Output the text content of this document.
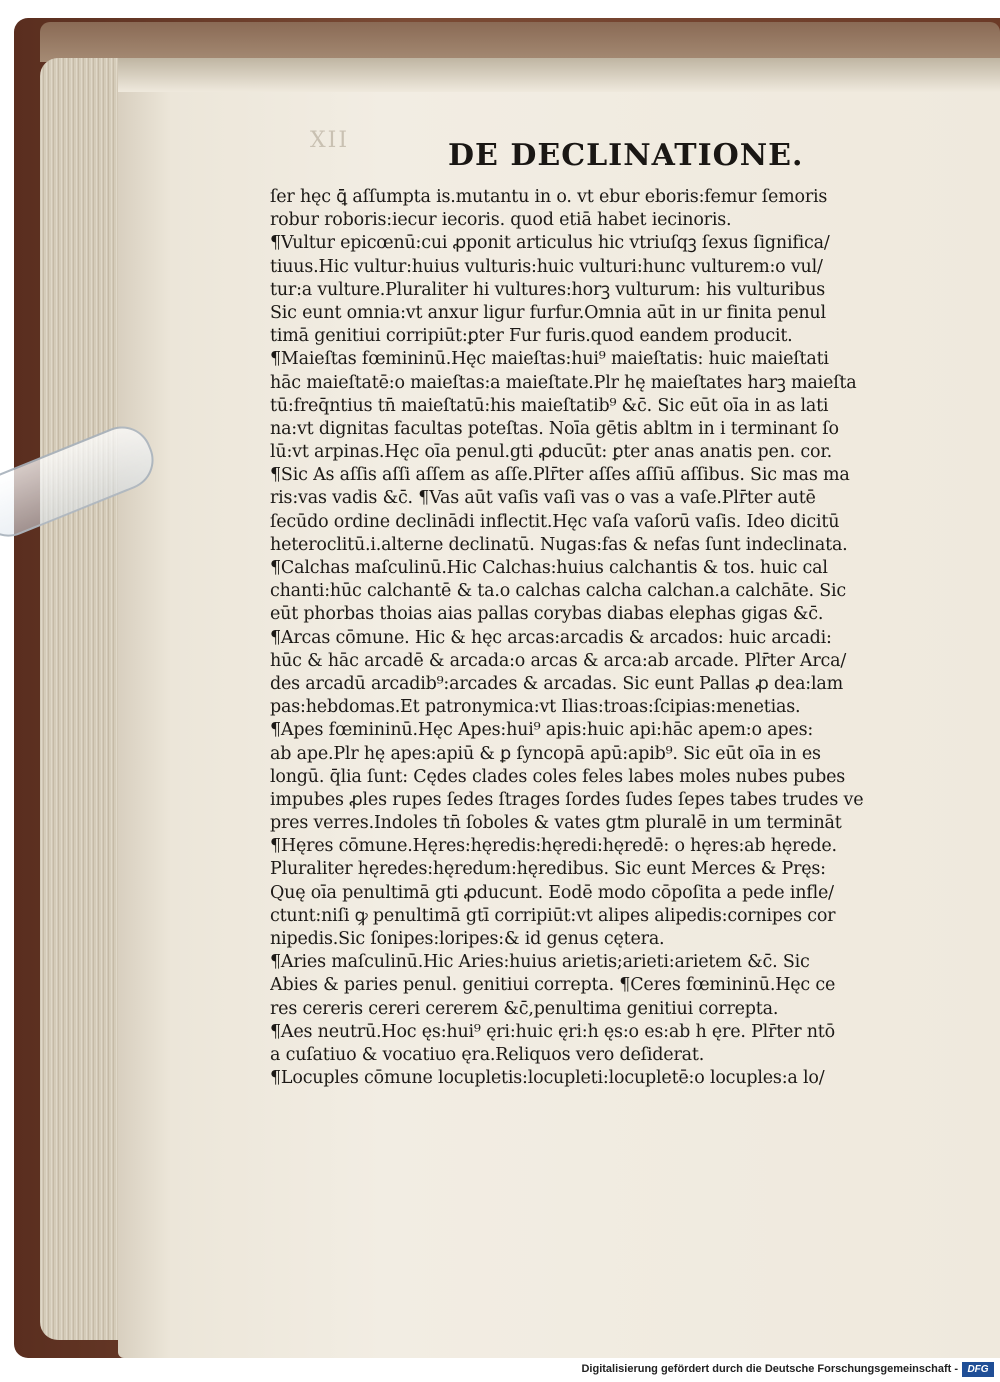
XII	DE DECLINATIONE.
ſer hęc ꝗ̄ aſſumpta is.mutantu in o. vt ebur eboris:femur ſemoris
robur roboris:iecur iecoris. quod etiā habet iecinoris.
¶Vultur epicœnū:cui ꝓponit articulus hic vtriuſqꝫ ſexus ſignifica/
tiuus.Hic vultur:huius vulturis:huic vulturi:hunc vulturem:o vul/
tur:a vulture.Pluraliter hi vultures:horꝫ vulturum: his vulturibus
Sic eunt omnia:vt anxur ligur furfur.Omnia aūt in ur finita penul
timā genitiui corripiūt:ꝑter Fur furis.quod eandem producit.
¶Maieſtas fœmininū.Hęc maieſtas:hui⁹ maieſtatis: huic maieſtati
hāc maieſtatē:o maieſtas:a maieſtate.Plr hę maieſtates harꝫ maieſta
tū:freq̄ntius tn̄ maieſtatū:his maieſtatib⁹ &c̄. Sic eūt oīa in as lati
na:vt dignitas facultas poteſtas. Noīa gētis ablt̄m in i terminant ſo
lū:vt arpinas.Hęc oīa penul.gti ꝓducūt: ꝑter anas anatis pen. cor.
¶Sic As aſſis aſſi aſſem as aſſe.Plr̄ter aſſes aſſiū aſſibus. Sic mas ma
ris:vas vadis &c̄. ¶Vas aūt vaſis vaſi vas o vas a vaſe.Plr̄ter autē
ſecūdo ordine declinādi inflectit.Hęc vaſa vaſorū vaſis. Ideo dicitū
heteroclitū.i.alterne declinatū. Nugas:fas & nefas ſunt indeclinata.
¶Calchas maſculinū.Hic Calchas:huius calchantis & tos. huic cal
chanti:hūc calchantē & ta.o calchas calcha calchan.a calchāte. Sic
eūt phorbas thoias aias pallas corybas diabas elephas gigas &c̄.
¶Arcas cōmune. Hic & hęc arcas:arcadis & arcados: huic arcadi:
hūc & hāc arcadē & arcada:o arcas & arca:ab arcade. Plr̄ter Arca/
des arcadū arcadib⁹:arcades & arcadas. Sic eunt Pallas ꝓ dea:lam
pas:hebdomas.Et patronymica:vt Ilias:troas:ſcipias:menetias.
¶Apes fœmininū.Hęc Apes:hui⁹ apis:huic api:hāc apem:o apes:
ab ape.Plr hę apes:apiū & ꝑ ſyncopā apū:apib⁹. Sic eūt oīa in es
longū. q̄lia ſunt: Cędes clades coles feles labes moles nubes pubes
impubes ꝓles rupes ſedes ſtrages ſordes ſudes ſepes tabes trudes ve
pres verres.Indoles tn̄ ſoboles & vates gt̄m pluralē in um termināt
¶Hęres cōmune.Hęres:hęredis:hęredi:hęredē: o hęres:ab hęrede.
Pluraliter hęredes:hęredum:hęredibus. Sic eunt Merces & Pręs:
Quę oīa penultimā gti ꝓducunt. Eodē modo cōpoſita a pede infle/
ctunt:niſi ꝙ penultimā gtī corripiūt:vt alipes alipedis:cornipes cor
nipedis.Sic ſonipes:loripes:& id genus cętera.
¶Aries maſculinū.Hic Aries:huius arietis;arieti:arietem &c̄. Sic
Abies & paries penul. genitiui correpta. ¶Ceres fœmininū.Hęc ce
res cereris cereri cererem &c̄,penultima genitiui correpta.
¶Aes neutrū.Hoc ęs:hui⁹ ęri:huic ęri:h̄ ęs:o es:ab h̄ ęre. Plr̄ter ntō
a cuſatiuo & vocatiuo ęra.Reliquos vero deſiderat.
¶Locuples cōmune locupletis:locupleti:locupletē:o locuples:a lo/
Digitalisierung gefördert durch die Deutsche Forschungsgemeinschaft - DFG
